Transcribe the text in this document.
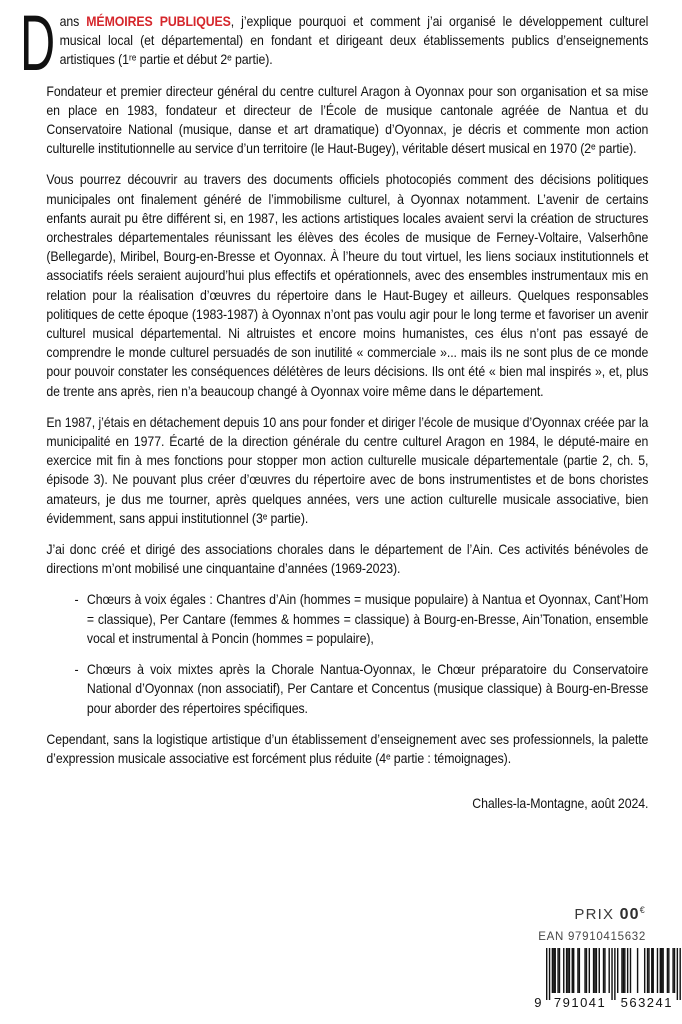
Dans MÉMOIRES PUBLIQUES, j’explique pourquoi et comment j’ai organisé le développement culturel musical local (et départemental) en fondant et dirigeant deux établissements publics d’enseignements artistiques (1ʳᵉ partie et début 2ᵉ partie).

Fondateur et premier directeur général du centre culturel Aragon à Oyonnax pour son organisation et sa mise en place en 1983, fondateur et directeur de l’École de musique cantonale agréée de Nantua et du Conservatoire National (musique, danse et art dramatique) d’Oyonnax, je décris et commente mon action culturelle institutionnelle au service d’un territoire (le Haut-Bugey), véritable désert musical en 1970 (2ᵉ partie).

Vous pourrez découvrir au travers des documents officiels photocopiés comment des décisions politiques municipales ont finalement généré de l’immobilisme culturel, à Oyonnax notamment. L’avenir de certains enfants aurait pu être différent si, en 1987, les actions artistiques locales avaient servi la création de structures orchestrales départementales réunissant les élèves des écoles de musique de Ferney-Voltaire, Valserhône (Bellegarde), Miribel, Bourg-en-Bresse et Oyonnax. À l’heure du tout virtuel, les liens sociaux institutionnels et associatifs réels seraient aujourd’hui plus effectifs et opérationnels, avec des ensembles instrumentaux mis en relation pour la réalisation d’œuvres du répertoire dans le Haut-Bugey et ailleurs. Quelques responsables politiques de cette époque (1983-1987) à Oyonnax n’ont pas voulu agir pour le long terme et favoriser un avenir culturel musical départemental. Ni altruistes et encore moins humanistes, ces élus n’ont pas essayé de comprendre le monde culturel persuadés de son inutilité « commerciale »... mais ils ne sont plus de ce monde pour pouvoir constater les conséquences délétères de leurs décisions. Ils ont été « bien mal inspirés », et, plus de trente ans après, rien n’a beaucoup changé à Oyonnax voire même dans le département.

En 1987, j’étais en détachement depuis 10 ans pour fonder et diriger l’école de musique d’Oyonnax créée par la municipalité en 1977. Écarté de la direction générale du centre culturel Aragon en 1984, le député-maire en exercice mit fin à mes fonctions pour stopper mon action culturelle musicale départementale (partie 2, ch. 5, épisode 3). Ne pouvant plus créer d’œuvres du répertoire avec de bons instrumentistes et de bons choristes amateurs, je dus me tourner, après quelques années, vers une action culturelle musicale associative, bien évidemment, sans appui institutionnel (3ᵉ partie).

J’ai donc créé et dirigé des associations chorales dans le département de l’Ain. Ces activités bénévoles de directions m’ont mobilisé une cinquantaine d’années (1969-2023).

- Chœurs à voix égales : Chantres d’Ain (hommes = musique populaire) à Nantua et Oyonnax, Cant’Hom = classique), Per Cantare (femmes & hommes = classique) à Bourg-en-Bresse, Ain’Tonation, ensemble vocal et instrumental à Poncin (hommes = populaire),
- Chœurs à voix mixtes après la Chorale Nantua-Oyonnax, le Chœur préparatoire du Conservatoire National d’Oyonnax (non associatif), Per Cantare et Concentus (musique classique) à Bourg-en-Bresse pour aborder des répertoires spécifiques.

Cependant, sans la logistique artistique d’un établissement d’enseignement avec ses professionnels, la palette d’expression musicale associative est forcément plus réduite (4ᵉ partie : témoignages).

Challes-la-Montagne, août 2024.

PRIX 00€
EAN 97910415632
9 791041 563241
